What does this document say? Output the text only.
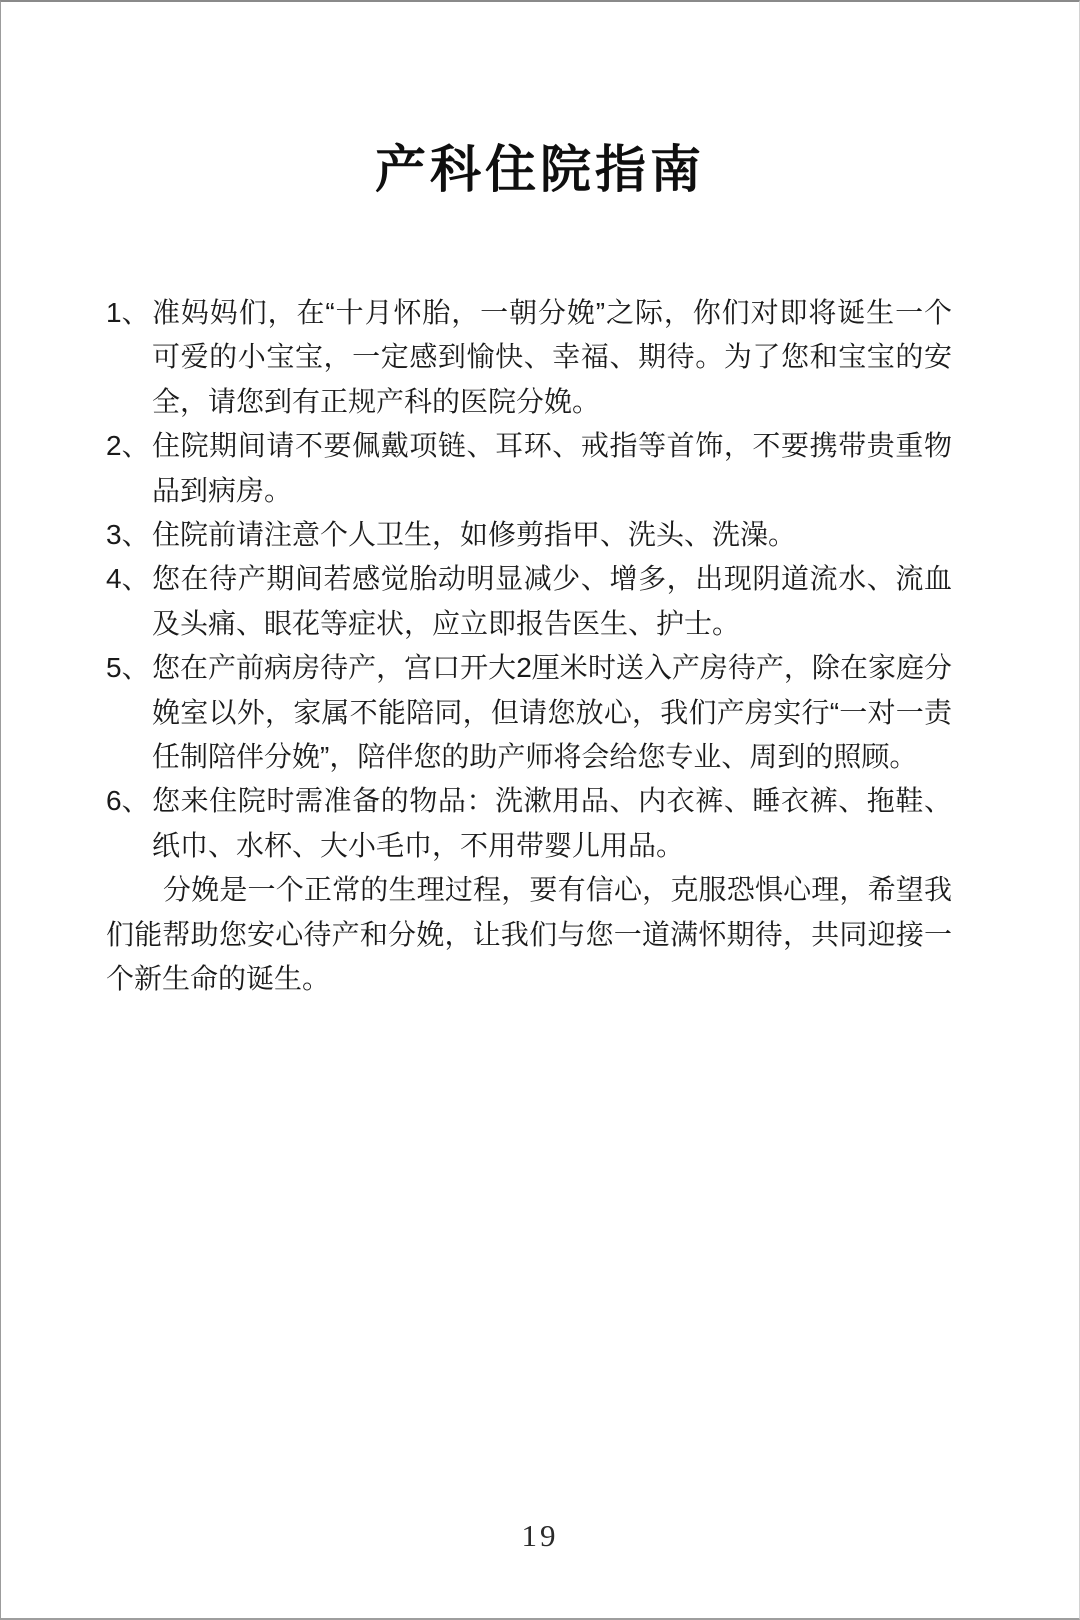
产科住院指南
1、 准妈妈们，在“十月怀胎，一朝分娩”之际，你们对即将诞生一个可爱的小宝宝，一定感到愉快、幸福、期待。为了您和宝宝的安全，请您到有正规产科的医院分娩。
2、 住院期间请不要佩戴项链、耳环、戒指等首饰，不要携带贵重物品到病房。
3、 住院前请注意个人卫生，如修剪指甲、洗头、洗澡。
4、 您在待产期间若感觉胎动明显减少、增多，出现阴道流水、流血及头痛、眼花等症状，应立即报告医生、护士。
5、 您在产前病房待产，宫口开大2厘米时送入产房待产，除在家庭分娩室以外，家属不能陪同，但请您放心，我们产房实行“一对一责任制陪伴分娩”，陪伴您的助产师将会给您专业、周到的照顾。
6、 您来住院时需准备的物品：洗漱用品、内衣裤、睡衣裤、拖鞋、纸巾、水杯、大小毛巾，不用带婴儿用品。

分娩是一个正常的生理过程，要有信心，克服恐惧心理，希望我们能帮助您安心待产和分娩，让我们与您一道满怀期待，共同迎接一个新生命的诞生。

19
